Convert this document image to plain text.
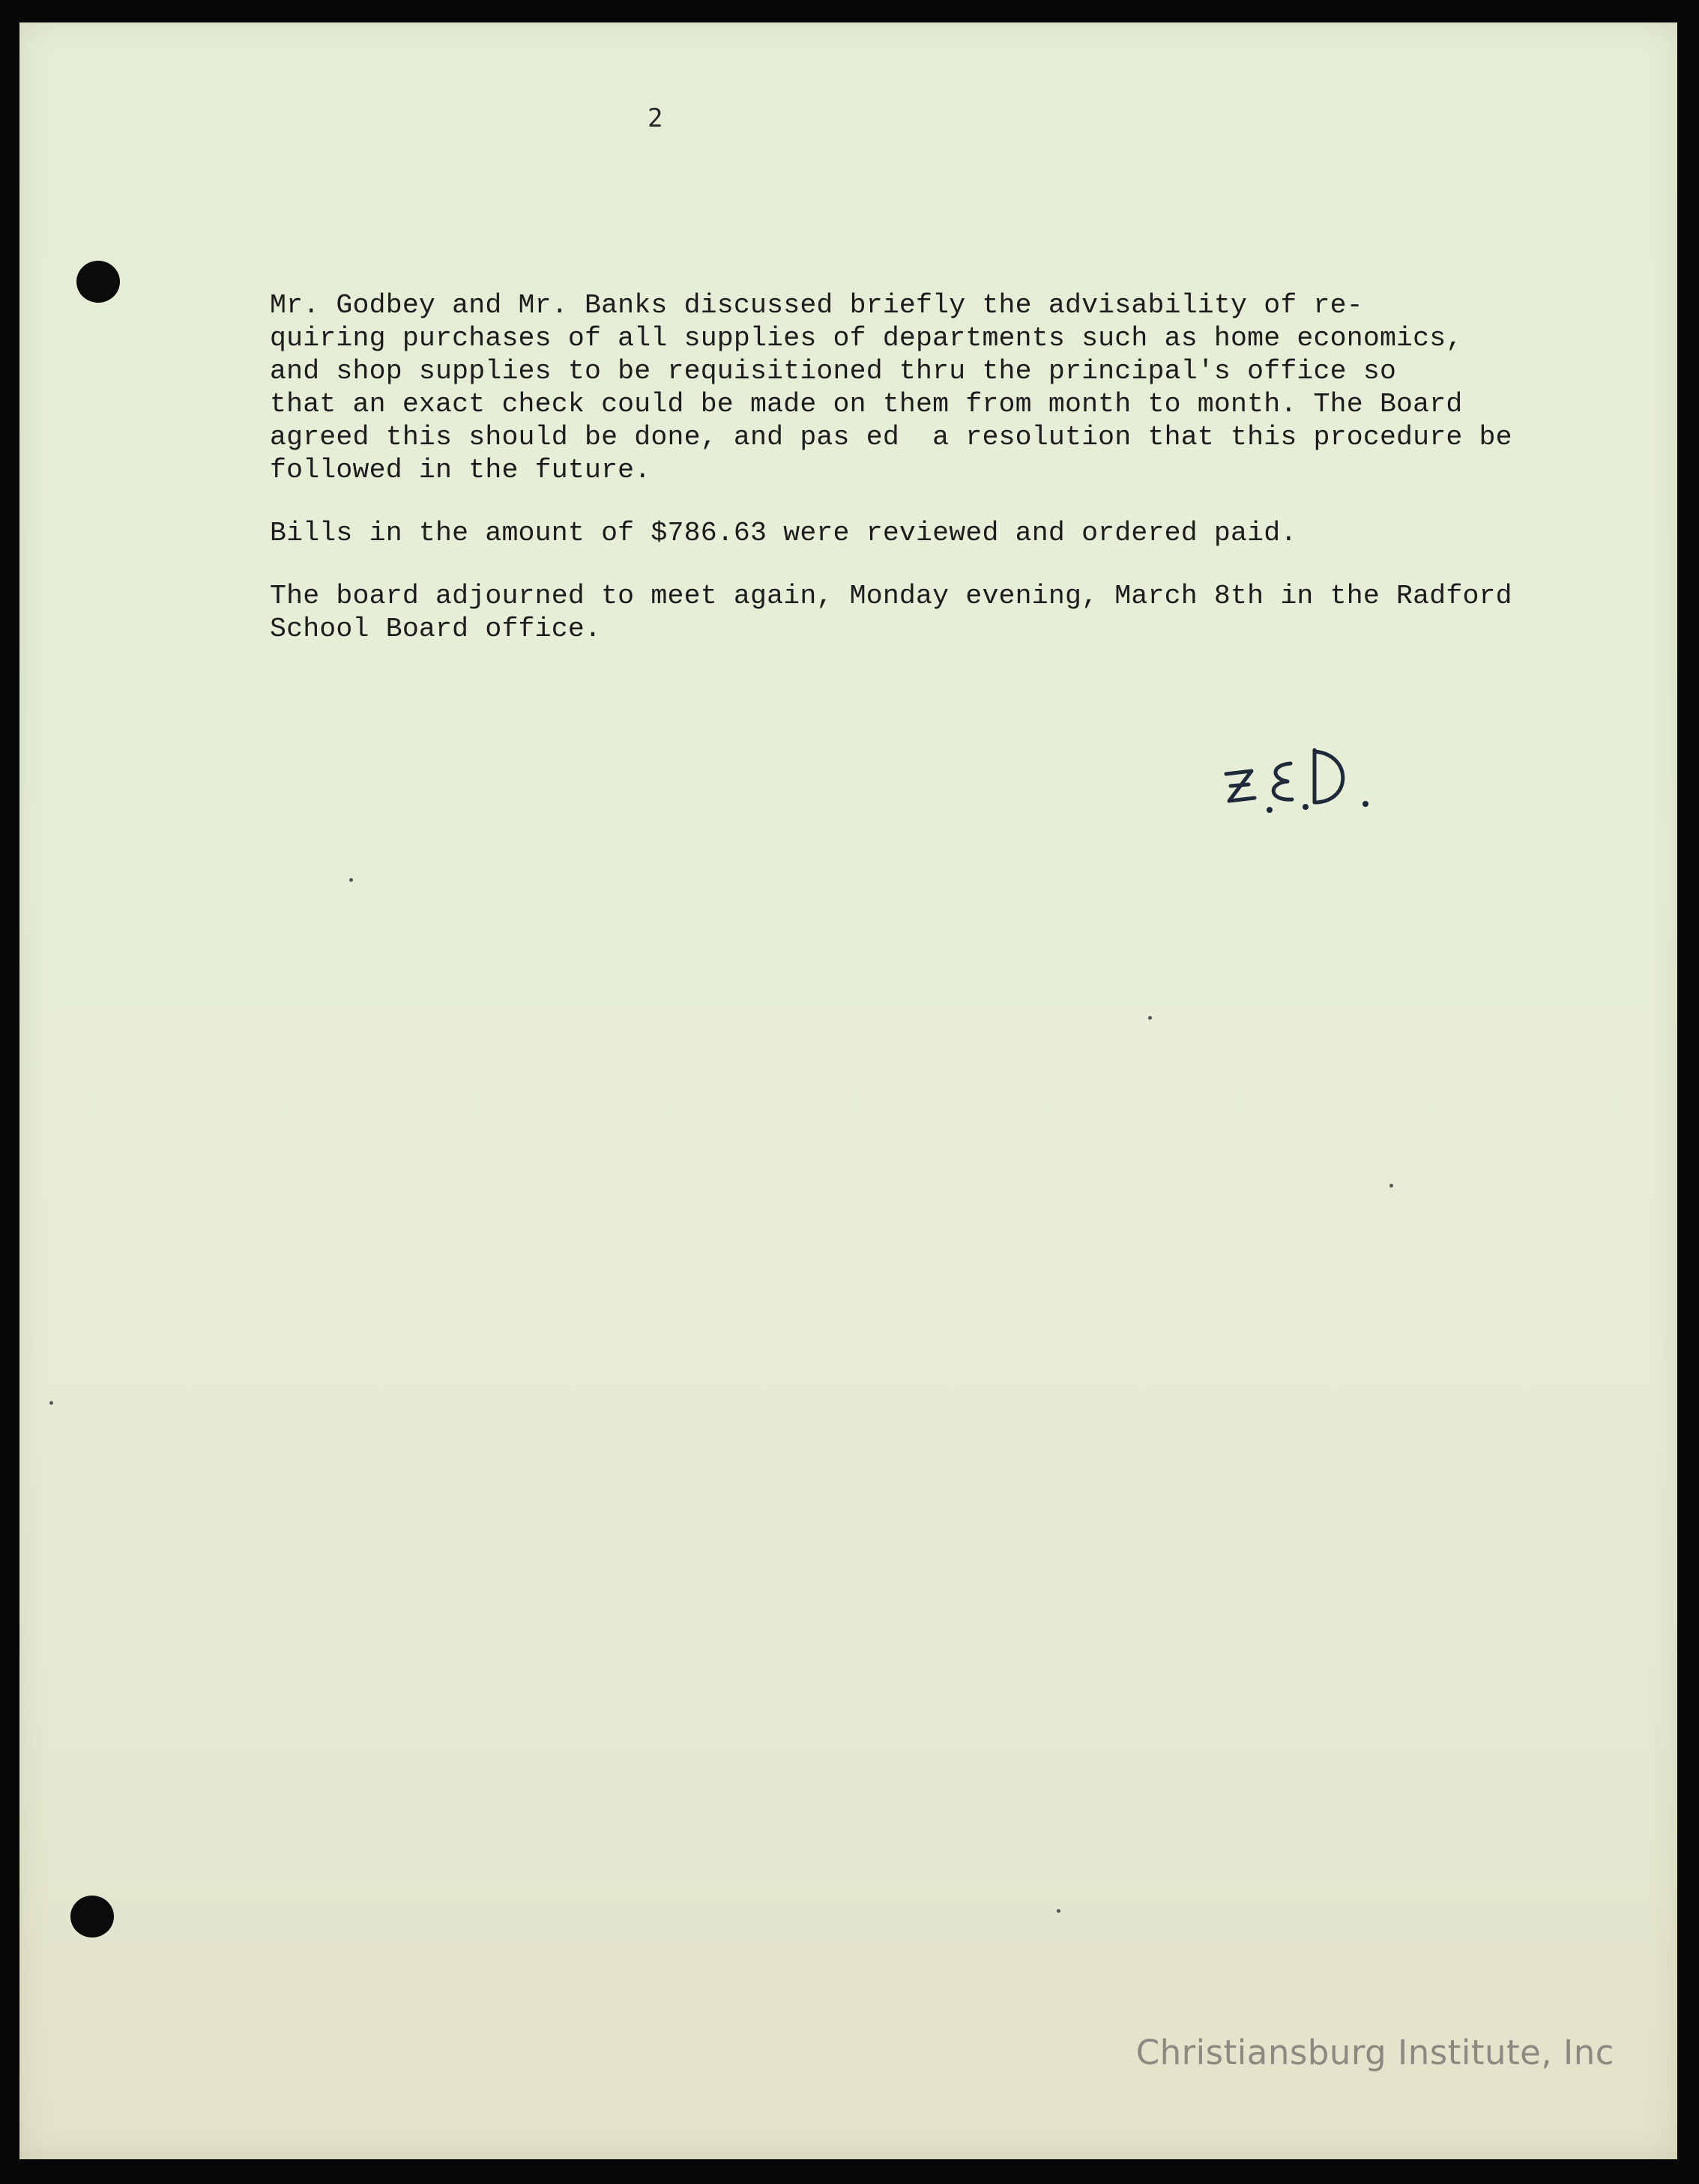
2
Mr. Godbey and Mr. Banks discussed briefly the advisability of re-
quiring purchases of all supplies of departments such as home economics,
and shop supplies to be requisitioned thru the principal's office so
that an exact check could be made on them from month to month. The Board
agreed this should be done, and pas ed  a resolution that this procedure be
followed in the future.
Bills in the amount of $786.63 were reviewed and ordered paid.
The board adjourned to meet again, Monday evening, March 8th in the Radford
School Board office.
Christiansburg Institute, Inc
